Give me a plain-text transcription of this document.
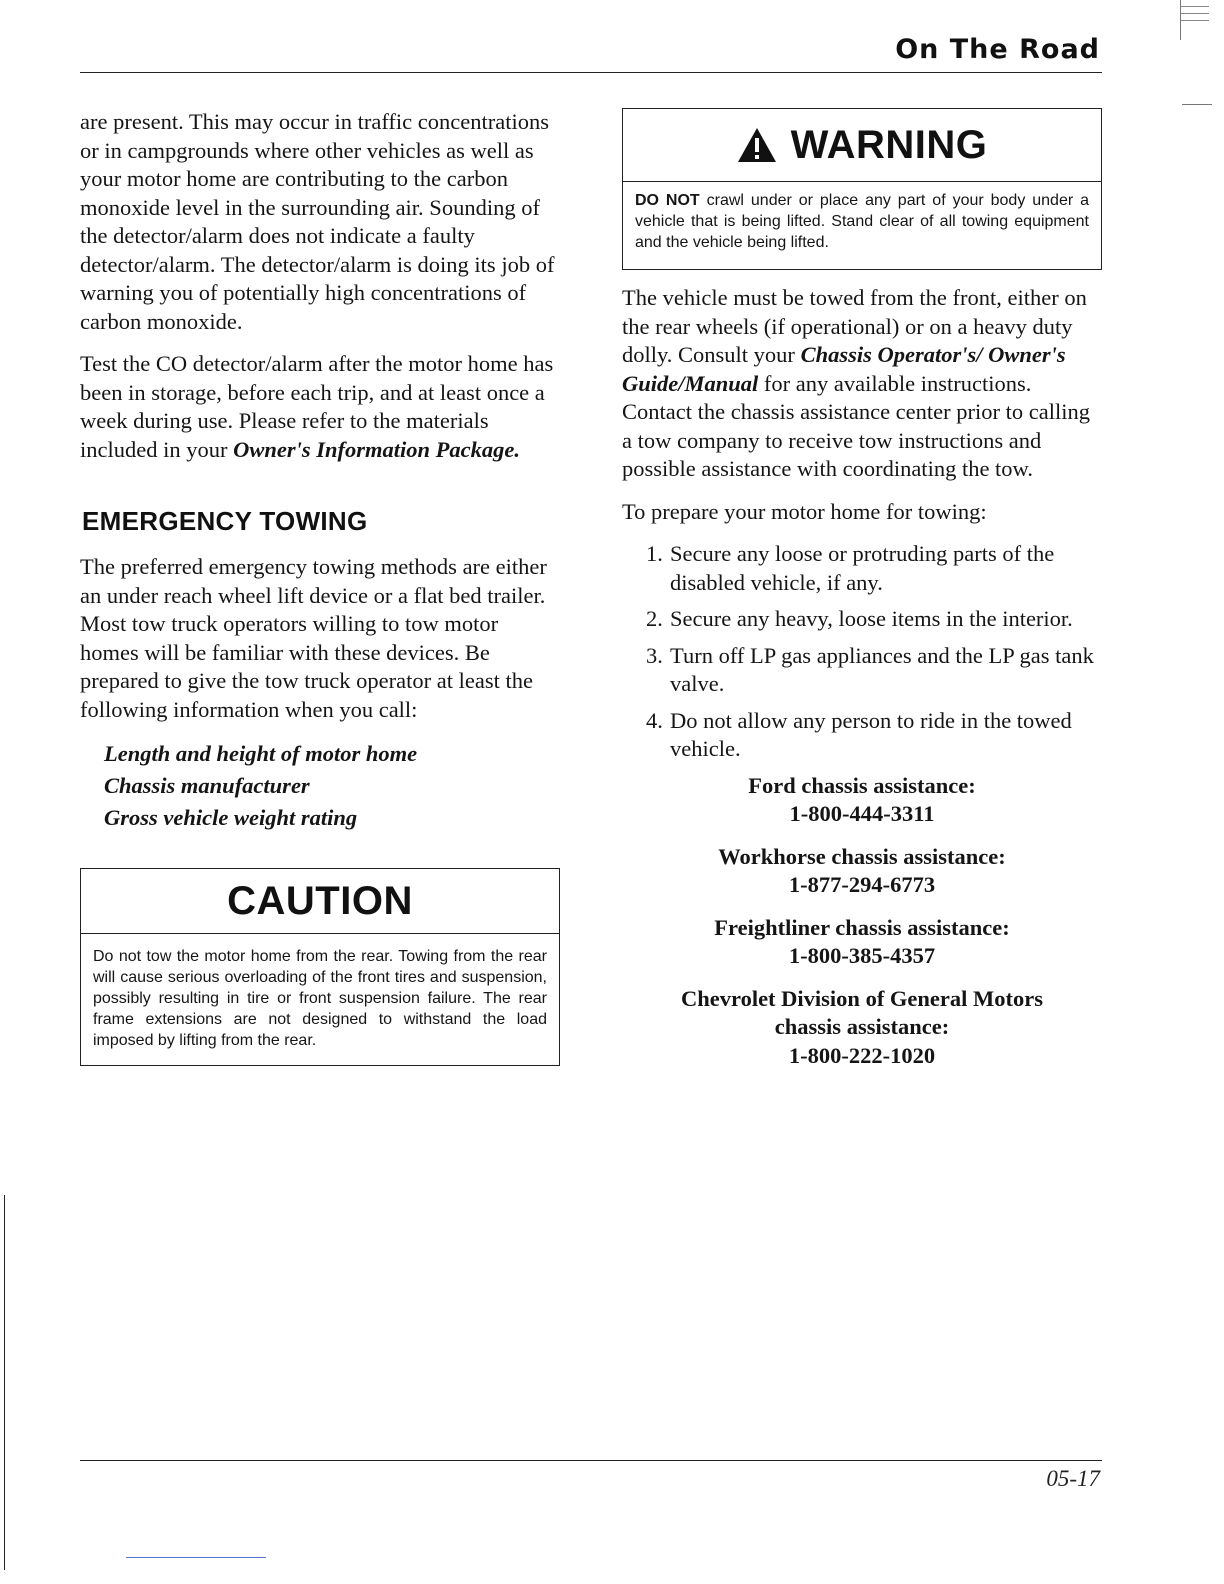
On The Road

are present. This may occur in traffic concentrations or in campgrounds where other vehicles as well as your motor home are contributing to the carbon monoxide level in the surrounding air. Sounding of the detector/alarm does not indicate a faulty detector/alarm. The detector/alarm is doing its job of warning you of potentially high concentrations of carbon monoxide.

Test the CO detector/alarm after the motor home has been in storage, before each trip, and at least once a week during use. Please refer to the materials included in your Owner's Information Package.

EMERGENCY TOWING

The preferred emergency towing methods are either an under reach wheel lift device or a flat bed trailer. Most tow truck operators willing to tow motor homes will be familiar with these devices. Be prepared to give the tow truck operator at least the following information when you call:

Length and height of motor home
Chassis manufacturer
Gross vehicle weight rating
CAUTION
Do not tow the motor home from the rear. Towing from the rear will cause serious overloading of the front tires and suspension, possibly resulting in tire or front suspension failure. The rear frame extensions are not designed to withstand the load imposed by lifting from the rear.
WARNING
DO NOT crawl under or place any part of your body under a vehicle that is being lifted. Stand clear of all towing equipment and the vehicle being lifted.

The vehicle must be towed from the front, either on the rear wheels (if operational) or on a heavy duty dolly. Consult your Chassis Operator's/ Owner's Guide/Manual for any available instructions. Contact the chassis assistance center prior to calling a tow company to receive tow instructions and possible assistance with coordinating the tow.

To prepare your motor home for towing:

1. Secure any loose or protruding parts of the disabled vehicle, if any.
2. Secure any heavy, loose items in the interior.
3. Turn off LP gas appliances and the LP gas tank valve.
4. Do not allow any person to ride in the towed vehicle.
Ford chassis assistance:
1-800-444-3311
Workhorse chassis assistance:
1-877-294-6773
Freightliner chassis assistance:
1-800-385-4357
Chevrolet Division of General Motors
chassis assistance:
1-800-222-1020
05-17
